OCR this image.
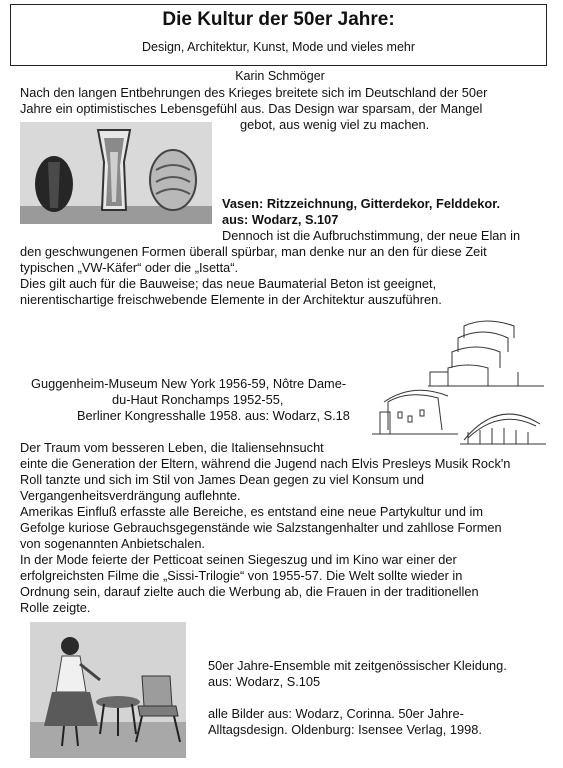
Die Kultur der 50er Jahre:
Design, Architektur, Kunst, Mode und vieles mehr
Karin Schmöger
Nach den langen Entbehrungen des Krieges breitete sich im Deutschland der 50er
Jahre ein optimistisches Lebensgefühl aus. Das Design war sparsam, der Mangel
gebot, aus wenig viel zu machen.
Vasen: Ritzzeichnung, Gitterdekor, Felddekor.
aus: Wodarz, S.107
Dennoch ist die Aufbruchstimmung, der neue Elan in
den geschwungenen Formen überall spürbar, man denke nur an den für diese Zeit
typischen „VW-Käfer“ oder die „Isetta“.
Dies gilt auch für die Bauweise; das neue Baumaterial Beton ist geeignet,
nierentischartige freischwebende Elemente in der Architektur auszuführen.
Guggenheim-Museum New York 1956-59, Nôtre Dame-
du-Haut Ronchamps 1952-55,
Berliner Kongresshalle 1958. aus: Wodarz, S.18
Der Traum vom besseren Leben, die Italiensehnsucht
einte die Generation der Eltern, während die Jugend nach Elvis Presleys Musik Rock'n
Roll tanzte und sich im Stil von James Dean gegen zu viel Konsum und
Vergangenheitsverdrängung auflehnte.
Amerikas Einfluß erfasste alle Bereiche, es entstand eine neue Partykultur und im
Gefolge kuriose Gebrauchsgegenstände wie Salzstangenhalter und zahllose Formen
von sogenannten Anbietschalen.
In der Mode feierte der Petticoat seinen Siegeszug und im Kino war einer der
erfolgreichsten Filme die „Sissi-Trilogie“ von 1955-57. Die Welt sollte wieder in
Ordnung sein, darauf zielte auch die Werbung ab, die Frauen in der traditionellen
Rolle zeigte.
50er Jahre-Ensemble mit zeitgenössischer Kleidung.
aus: Wodarz, S.105
alle Bilder aus: Wodarz, Corinna. 50er Jahre-
Alltagsdesign. Oldenburg: Isensee Verlag, 1998.
